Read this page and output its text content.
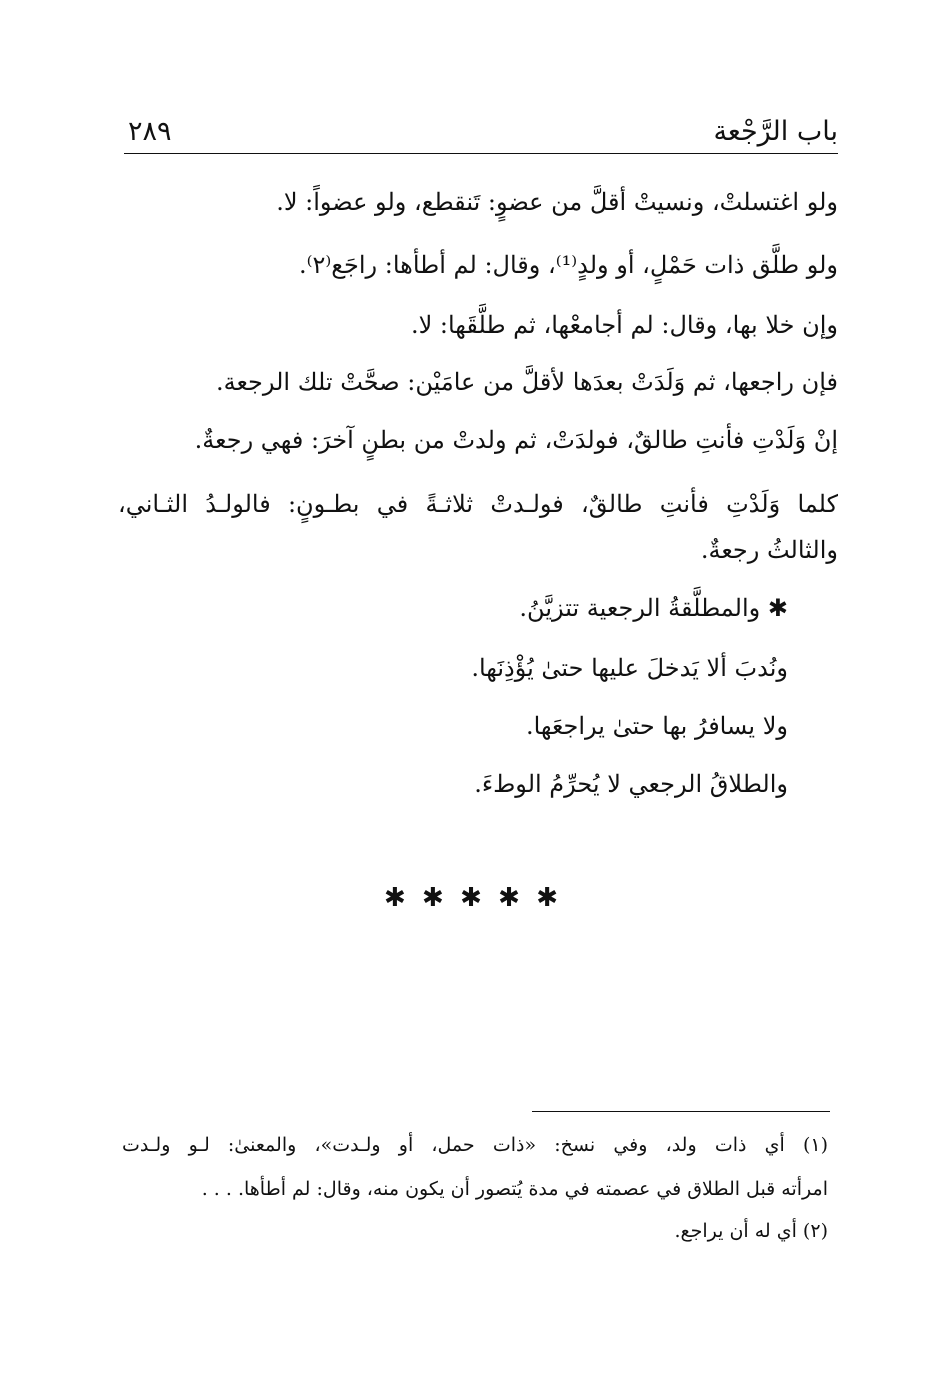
باب الرَّجْعة
٢٨٩
ولو اغتسلتْ، ونسيتْ أقلَّ من عضوٍ: تَنقطع، ولو عضواً: لا.
ولو طلَّق ذات حَمْلٍ، أو ولدٍ⁽¹⁾، وقال: لم أطأها: راجَع⁽٢⁾.
وإن خلا بها، وقال: لم أجامعْها، ثم طلَّقَها: لا.
فإن راجعها، ثم وَلَدَتْ بعدَها لأقلَّ من عامَيْن: صحَّتْ تلك الرجعة.
إنْ وَلَدْتِ فأنتِ طالقٌ، فولدَتْ، ثم ولدتْ من بطنٍ آخرَ: فهي رجعةٌ.
كلما وَلَدْتِ فأنتِ طالقٌ، فولـدتْ ثلاثـةً في بطـونٍ: فالولـدُ الثـاني،
والثالثُ رجعةٌ.
✱ والمطلَّقةُ الرجعية تتزيَّنُ.
ونُدبَ ألا يَدخلَ عليها حتىٰ يُؤْذِنَها.
ولا يسافرُ بها حتىٰ يراجعَها.
والطلاقُ الرجعي لا يُحرِّمُ الوطءَ.
✱ ✱ ✱ ✱ ✱
(١) أي ذات ولد، وفي نسخ: «ذات حمل، أو ولـدت»، والمعنىٰ: لـو ولـدت
امرأته قبل الطلاق في عصمته في مدة يُتصور أن يكون منه، وقال: لم أطأها. . . .
(٢) أي له أن يراجع.
